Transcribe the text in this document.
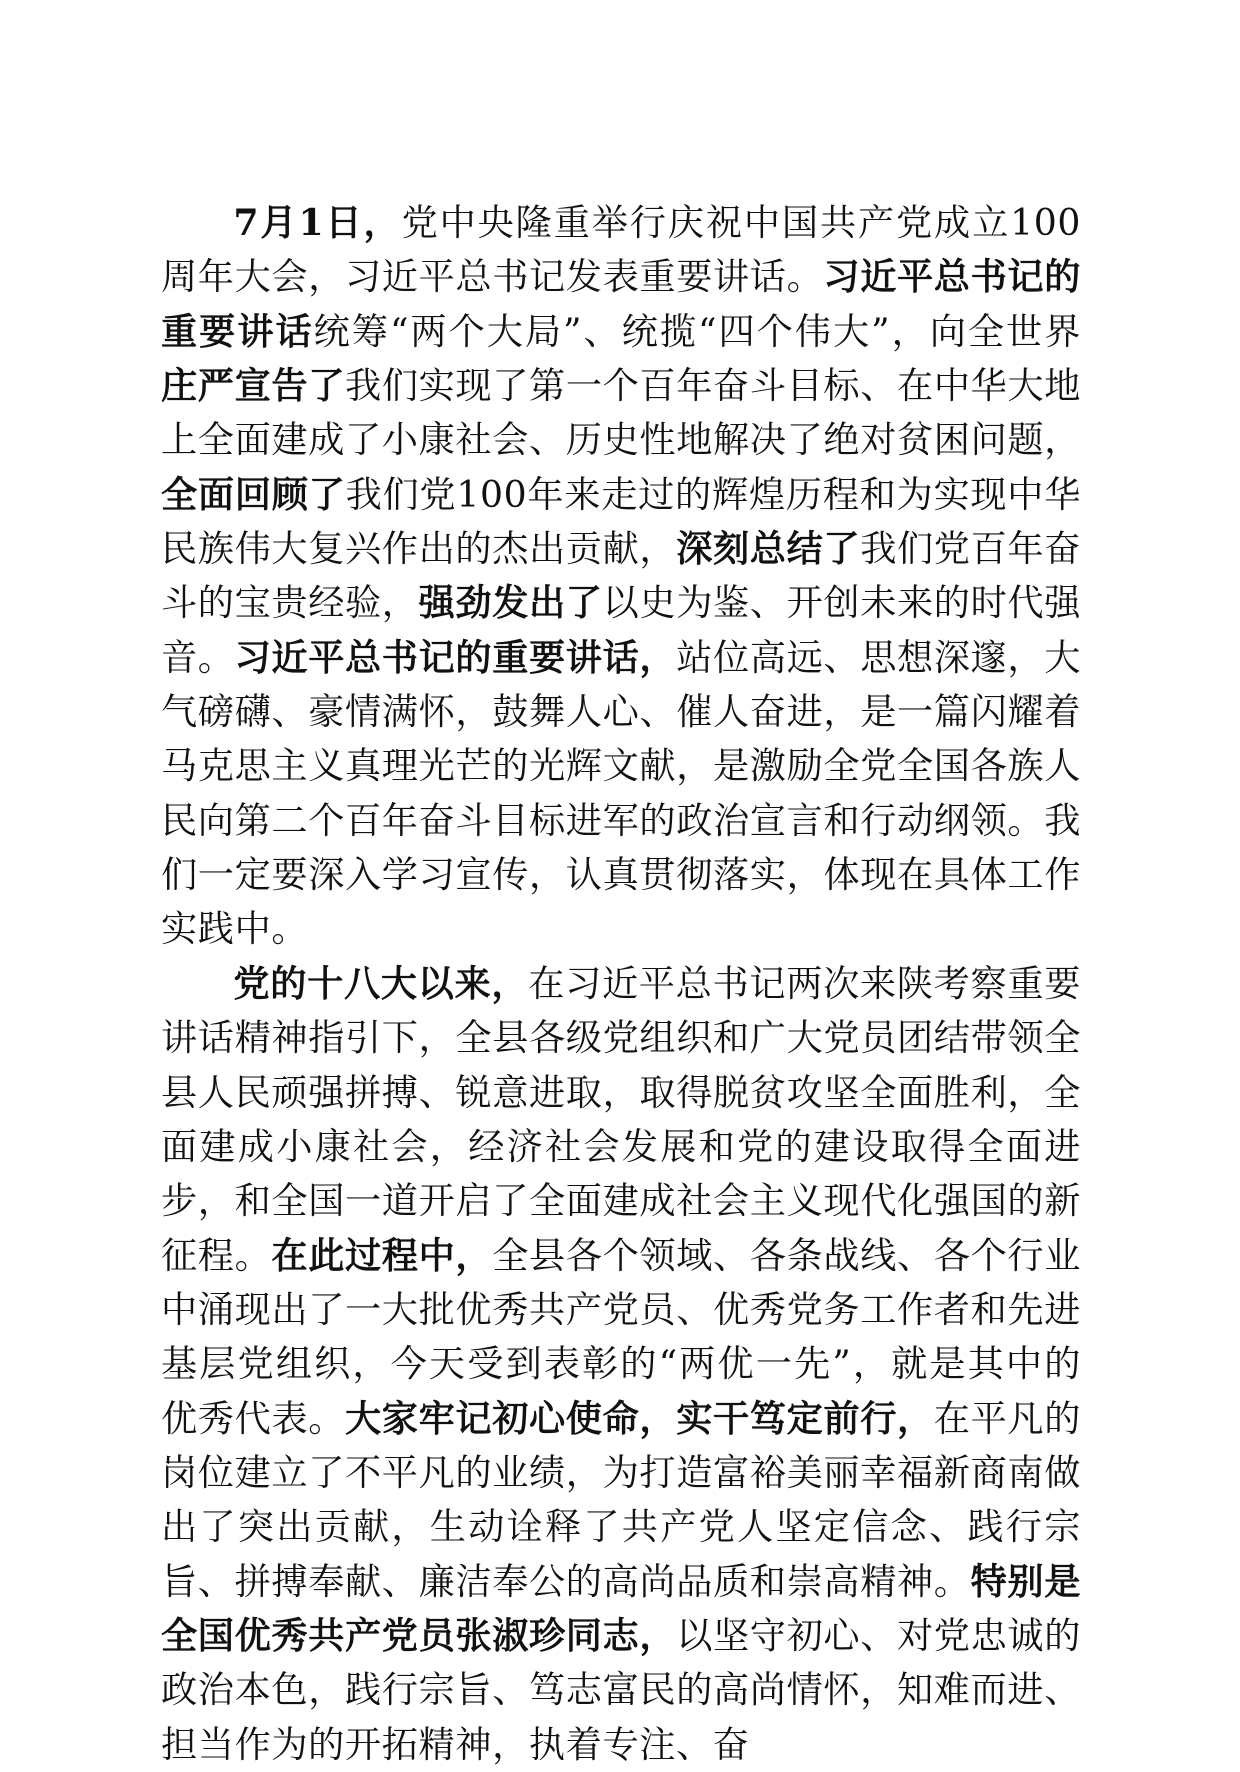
7月1日，党中央隆重举行庆祝中国共产党成立100周年大会，习近平总书记发表重要讲话。习近平总书记的重要讲话统筹“两个大局”、统揽“四个伟大”，向全世界庄严宣告了我们实现了第一个百年奋斗目标、在中华大地上全面建成了小康社会、历史性地解决了绝对贫困问题，全面回顾了我们党100年来走过的辉煌历程和为实现中华民族伟大复兴作出的杰出贡献，深刻总结了我们党百年奋斗的宝贵经验，强劲发出了以史为鉴、开创未来的时代强音。习近平总书记的重要讲话，站位高远、思想深邃，大气磅礴、豪情满怀，鼓舞人心、催人奋进，是一篇闪耀着马克思主义真理光芒的光辉文献，是激励全党全国各族人民向第二个百年奋斗目标进军的政治宣言和行动纲领。我们一定要深入学习宣传，认真贯彻落实，体现在具体工作实践中。

党的十八大以来，在习近平总书记两次来陕考察重要讲话精神指引下，全县各级党组织和广大党员团结带领全县人民顽强拼搏、锐意进取，取得脱贫攻坚全面胜利，全面建成小康社会，经济社会发展和党的建设取得全面进步，和全国一道开启了全面建成社会主义现代化强国的新征程。在此过程中，全县各个领域、各条战线、各个行业中涌现出了一大批优秀共产党员、优秀党务工作者和先进基层党组织，今天受到表彰的“两优一先”，就是其中的优秀代表。大家牢记初心使命，实干笃定前行，在平凡的岗位建立了不平凡的业绩，为打造富裕美丽幸福新商南做出了突出贡献，生动诠释了共产党人坚定信念、践行宗旨、拼搏奉献、廉洁奉公的高尚品质和崇高精神。特别是全国优秀共产党员张淑珍同志，以坚守初心、对党忠诚的政治本色，践行宗旨、笃志富民的高尚情怀，知难而进、担当作为的开拓精神，执着专注、奋
